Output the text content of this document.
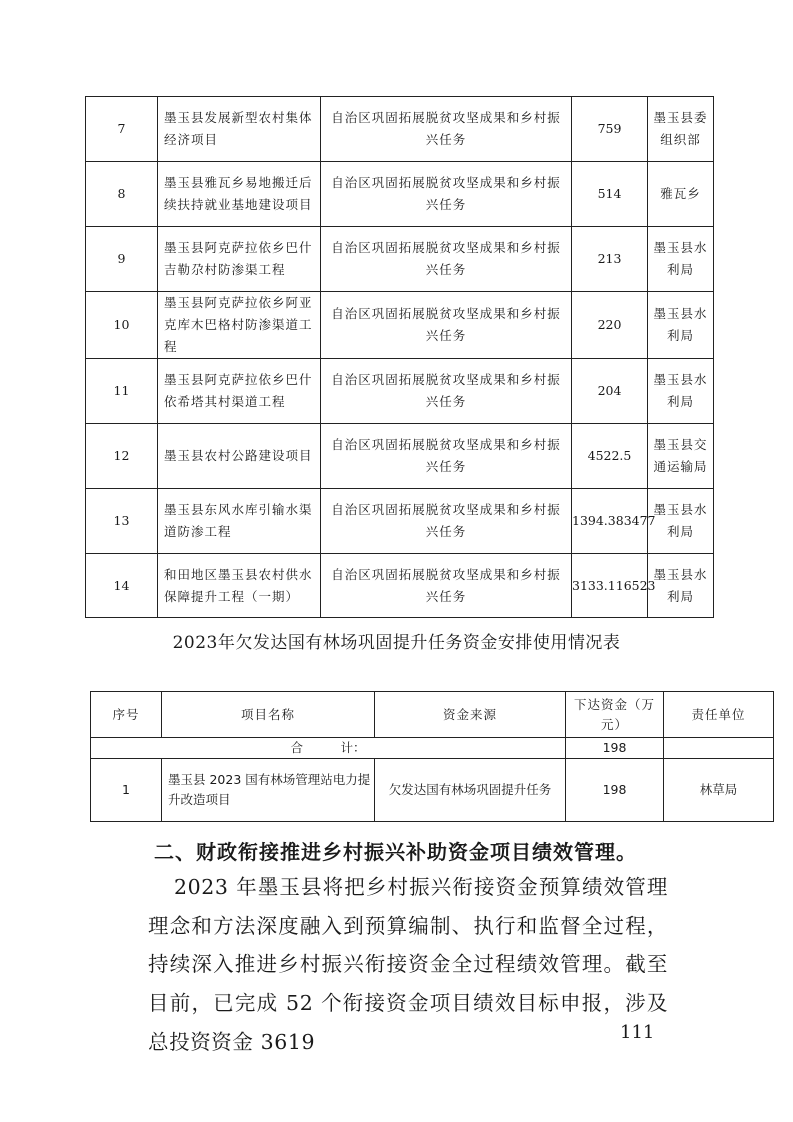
7	墨玉县发展新型农村集体经济项目	自治区巩固拓展脱贫攻坚成果和乡村振兴任务	759	墨玉县委组织部
8	墨玉县雅瓦乡易地搬迁后续扶持就业基地建设项目	自治区巩固拓展脱贫攻坚成果和乡村振兴任务	514	雅瓦乡
9	墨玉县阿克萨拉依乡巴什吉勒尕村防渗渠工程	自治区巩固拓展脱贫攻坚成果和乡村振兴任务	213	墨玉县水利局
10	墨玉县阿克萨拉依乡阿亚克库木巴格村防渗渠道工程	自治区巩固拓展脱贫攻坚成果和乡村振兴任务	220	墨玉县水利局
11	墨玉县阿克萨拉依乡巴什依希塔其村渠道工程	自治区巩固拓展脱贫攻坚成果和乡村振兴任务	204	墨玉县水利局
12	墨玉县农村公路建设项目	自治区巩固拓展脱贫攻坚成果和乡村振兴任务	4522.5	墨玉县交通运输局
13	墨玉县东风水库引输水渠道防渗工程	自治区巩固拓展脱贫攻坚成果和乡村振兴任务	1394.383477	墨玉县水利局
14	和田地区墨玉县农村供水保障提升工程（一期）	自治区巩固拓展脱贫攻坚成果和乡村振兴任务	3133.116523	墨玉县水利局
2023年欠发达国有林场巩固提升任务资金安排使用情况表
序号	项目名称	资金来源	下达资金（万元）	责任单位
合　　　计：			198	
1	墨玉县 2023 国有林场管理站电力提升改造项目	欠发达国有林场巩固提升任务	198	林草局
二、财政衔接推进乡村振兴补助资金项目绩效管理。
2023 年墨玉县将把乡村振兴衔接资金预算绩效管理理念和方法深度融入到预算编制、执行和监督全过程，持续深入推进乡村振兴衔接资金全过程绩效管理。截至目前，已完成 52 个衔接资金项目绩效目标申报，涉及总投资资金 3619	111
